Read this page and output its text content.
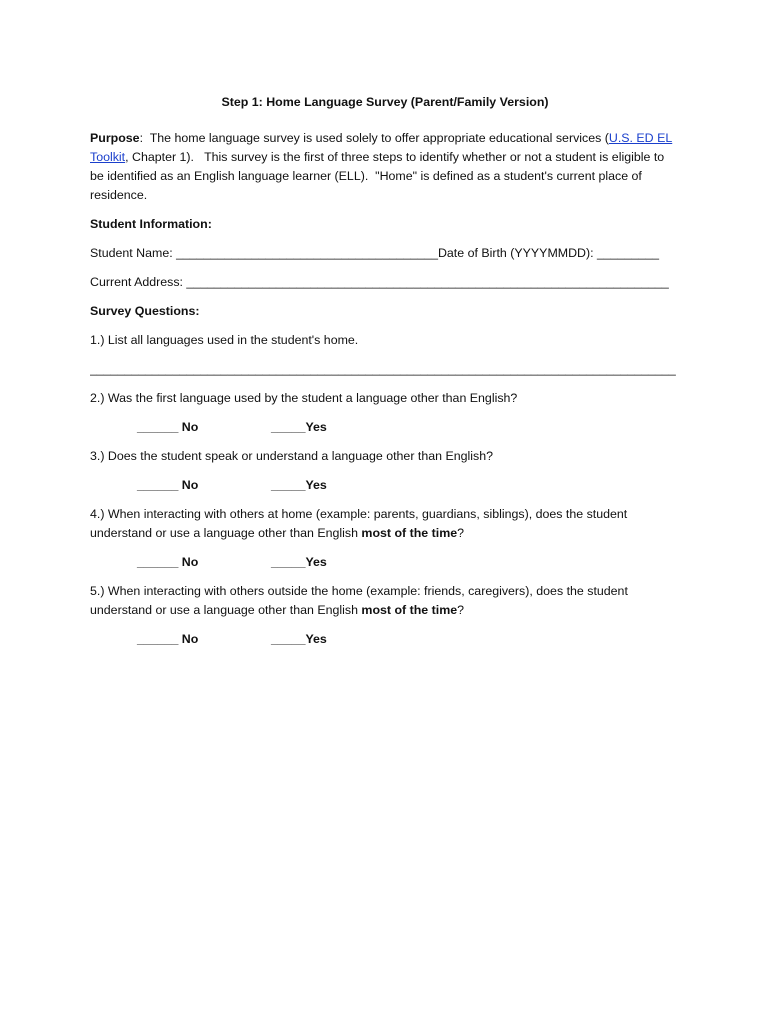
Step 1: Home Language Survey (Parent/Family Version)

Purpose:  The home language survey is used solely to offer appropriate educational services (U.S. ED EL Toolkit, Chapter 1).   This survey is the first of three steps to identify whether or not a student is eligible to be identified as an English language learner (ELL).  "Home" is defined as a student's current place of residence.

Student Information:

Student Name: ______________________________________Date of Birth (YYYYMMDD): _________

Current Address: ______________________________________________________________________

Survey Questions:

1.) List all languages used in the student's home.

_____________________________________________________________________________________

2.) Was the first language used by the student a language other than English?

______ No	_____Yes

3.) Does the student speak or understand a language other than English?

______ No	_____Yes

4.) When interacting with others at home (example: parents, guardians, siblings), does the student understand or use a language other than English most of the time?

______ No	_____Yes

5.) When interacting with others outside the home (example: friends, caregivers), does the student understand or use a language other than English most of the time?

______ No	_____Yes
